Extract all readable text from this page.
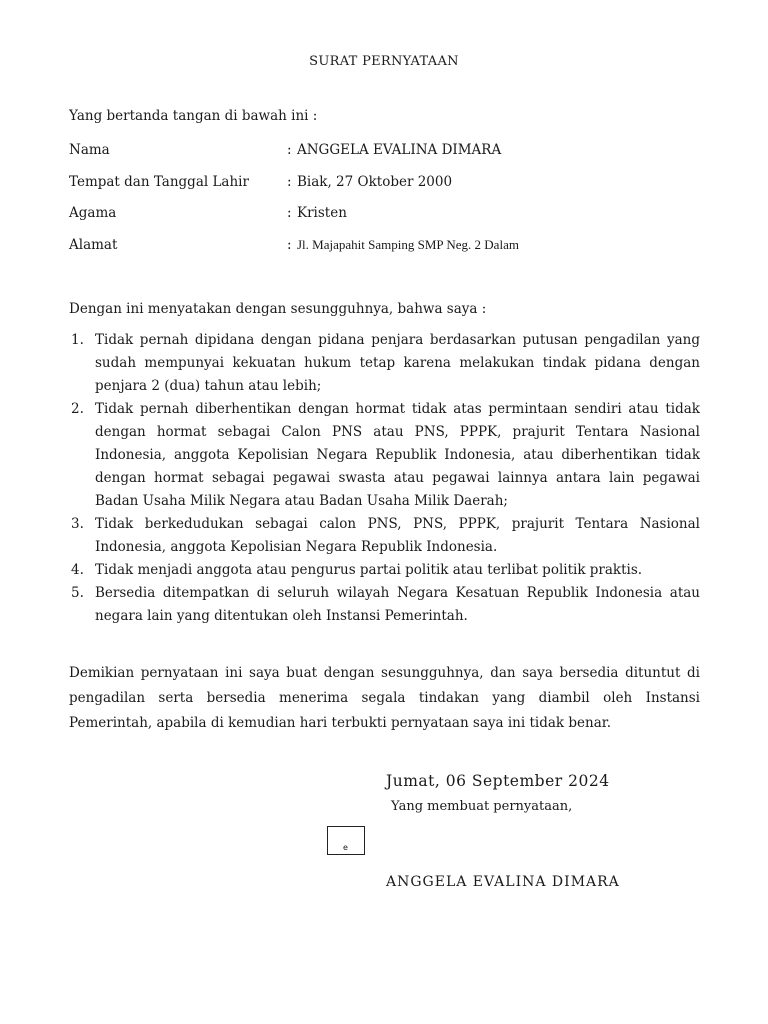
SURAT PERNYATAAN
Yang bertanda tangan di bawah ini :
Nama	: ANGGELA EVALINA DIMARA
Tempat dan Tanggal Lahir	: Biak, 27 Oktober 2000
Agama	: Kristen
Alamat	: Jl. Majapahit Samping SMP Neg. 2 Dalam
Dengan ini menyatakan dengan sesungguhnya, bahwa saya :
1. Tidak pernah dipidana dengan pidana penjara berdasarkan putusan pengadilan yang sudah mempunyai kekuatan hukum tetap karena melakukan tindak pidana dengan penjara 2 (dua) tahun atau lebih;
2. Tidak pernah diberhentikan dengan hormat tidak atas permintaan sendiri atau tidak dengan hormat sebagai Calon PNS atau PNS, PPPK, prajurit Tentara Nasional Indonesia, anggota Kepolisian Negara Republik Indonesia, atau diberhentikan tidak dengan hormat sebagai pegawai swasta atau pegawai lainnya antara lain pegawai Badan Usaha Milik Negara atau Badan Usaha Milik Daerah;
3. Tidak berkedudukan sebagai calon PNS, PNS, PPPK, prajurit Tentara Nasional Indonesia, anggota Kepolisian Negara Republik Indonesia.
4. Tidak menjadi anggota atau pengurus partai politik atau terlibat politik praktis.
5. Bersedia ditempatkan di seluruh wilayah Negara Kesatuan Republik Indonesia atau negara lain yang ditentukan oleh Instansi Pemerintah.
Demikian pernyataan ini saya buat dengan sesungguhnya, dan saya bersedia dituntut di pengadilan serta bersedia menerima segala tindakan yang diambil oleh Instansi Pemerintah, apabila di kemudian hari terbukti pernyataan saya ini tidak benar.
Jumat, 06 September 2024
Yang membuat pernyataan,
e
ANGGELA EVALINA DIMARA
